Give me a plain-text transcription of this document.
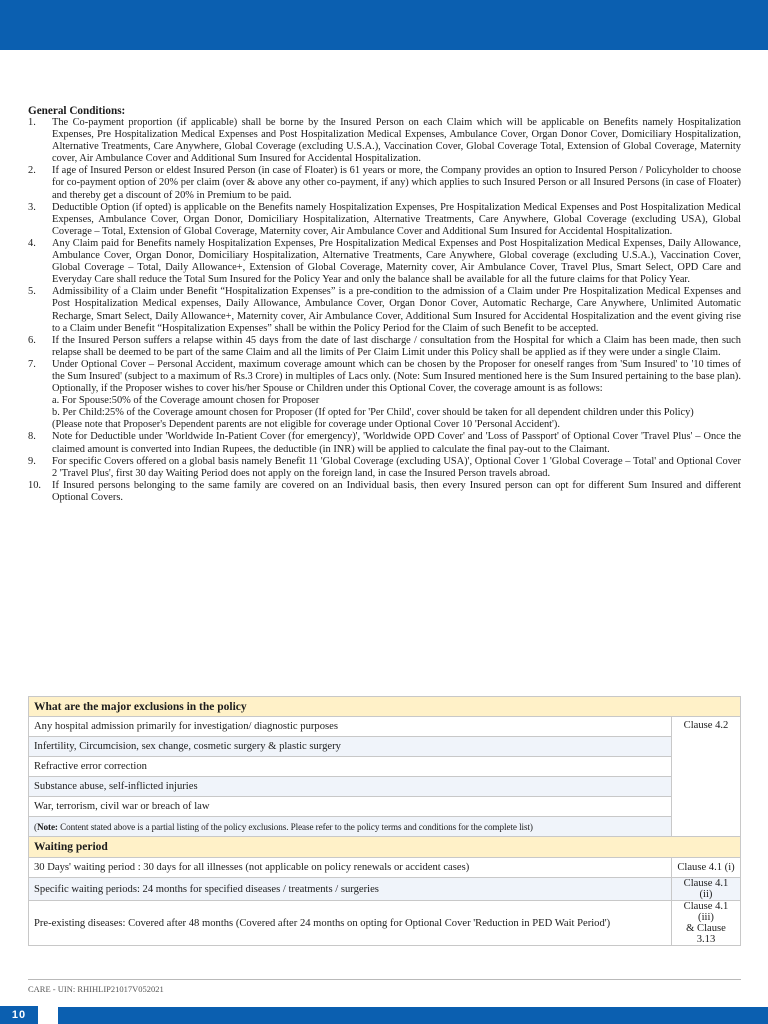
General Conditions:

1. The Co-payment proportion (if applicable) shall be borne by the Insured Person on each Claim which will be applicable on Benefits namely Hospitalization Expenses, Pre Hospitalization Medical Expenses and Post Hospitalization Medical Expenses, Ambulance Cover, Organ Donor Cover, Domiciliary Hospitalization, Alternative Treatments, Care Anywhere, Global Coverage (excluding U.S.A.), Vaccination Cover, Global Coverage Total, Extension of Global Coverage, Maternity cover, Air Ambulance Cover and Additional Sum Insured for Accidental Hospitalization.
2. If age of Insured Person or eldest Insured Person (in case of Floater) is 61 years or more, the Company provides an option to Insured Person / Policyholder to choose for co-payment option of 20% per claim (over & above any other co-payment, if any) which applies to such Insured Person or all Insured Persons (in case of Floater) and thereby get a discount of 20% in Premium to be paid.
3. Deductible Option (if opted) is applicable on the Benefits namely Hospitalization Expenses, Pre Hospitalization Medical Expenses and Post Hospitalization Medical Expenses, Ambulance Cover, Organ Donor, Domiciliary Hospitalization, Alternative Treatments, Care Anywhere, Global Coverage (excluding USA), Global Coverage – Total, Extension of Global Coverage, Maternity cover, Air Ambulance Cover and Additional Sum Insured for Accidental Hospitalization.
4. Any Claim paid for Benefits namely Hospitalization Expenses, Pre Hospitalization Medical Expenses and Post Hospitalization Medical Expenses, Daily Allowance, Ambulance Cover, Organ Donor, Domiciliary Hospitalization, Alternative Treatments, Care Anywhere, Global coverage (excluding U.S.A.), Vaccination Cover, Global Coverage – Total, Daily Allowance+, Extension of Global Coverage, Maternity cover, Air Ambulance Cover, Travel Plus, Smart Select, OPD Care and Everyday Care shall reduce the Total Sum Insured for the Policy Year and only the balance shall be available for all the future claims for that Policy Year.
5. Admissibility of a Claim under Benefit “Hospitalization Expenses” is a pre-condition to the admission of a Claim under Pre Hospitalization Medical Expenses and Post Hospitalization Medical expenses, Daily Allowance, Ambulance Cover, Organ Donor Cover, Automatic Recharge, Care Anywhere, Unlimited Automatic Recharge, Smart Select, Daily Allowance+, Maternity cover, Air Ambulance Cover, Additional Sum Insured for Accidental Hospitalization and the event giving rise to a Claim under Benefit “Hospitalization Expenses” shall be within the Policy Period for the Claim of such Benefit to be accepted.
6. If the Insured Person suffers a relapse within 45 days from the date of last discharge / consultation from the Hospital for which a Claim has been made, then such relapse shall be deemed to be part of the same Claim and all the limits of Per Claim Limit under this Policy shall be applied as if they were under a single Claim.
7. Under Optional Cover – Personal Accident, maximum coverage amount which can be chosen by the Proposer for oneself ranges from 'Sum Insured' to '10 times of the Sum Insured' (subject to a maximum of Rs.3 Crore) in multiples of Lacs only. (Note: Sum Insured mentioned here is the Sum Insured pertaining to the base plan). Optionally, if the Proposer wishes to cover his/her Spouse or Children under this Optional Cover, the coverage amount is as follows:
a. For Spouse:50% of the Coverage amount chosen for Proposer
b. Per Child:25% of the Coverage amount chosen for Proposer (If opted for 'Per Child', cover should be taken for all dependent children under this Policy)
(Please note that Proposer's Dependent parents are not eligible for coverage under Optional Cover 10 'Personal Accident').
8. Note for Deductible under 'Worldwide In-Patient Cover (for emergency)', 'Worldwide OPD Cover' and 'Loss of Passport' of Optional Cover 'Travel Plus' – Once the claimed amount is converted into Indian Rupees, the deductible (in INR) will be applied to calculate the final pay-out to the Claimant.
9. For specific Covers offered on a global basis namely Benefit 11 'Global Coverage (excluding USA)', Optional Cover 1 'Global Coverage – Total' and Optional Cover 2 'Travel Plus', first 30 day Waiting Period does not apply on the foreign land, in case the Insured Person travels abroad.
10. If Insured persons belonging to the same family are covered on an Individual basis, then every Insured person can opt for different Sum Insured and different Optional Covers.
What are the major exclusions in the policy	
Any hospital admission primarily for investigation/ diagnostic purposes	Clause 4.2
Infertility, Circumcision, sex change, cosmetic surgery & plastic surgery	
Refractive error correction	
Substance abuse, self-inflicted injuries	
War, terrorism, civil war or breach of law	
(Note: Content stated above is a partial listing of the policy exclusions. Please refer to the policy terms and conditions for the complete list)	
Waiting period	
30 Days' waiting period : 30 days for all illnesses (not applicable on policy renewals or accident cases)	Clause 4.1 (i)
Specific waiting periods: 24 months for specified diseases / treatments / surgeries	Clause 4.1 (ii)
Pre-existing diseases: Covered after 48 months (Covered after 24 months on opting for Optional Cover 'Reduction in PED Wait Period')	Clause 4.1 (iii)
& Clause 3.13
CARE - UIN: RHIHLIP21017V052021
10
